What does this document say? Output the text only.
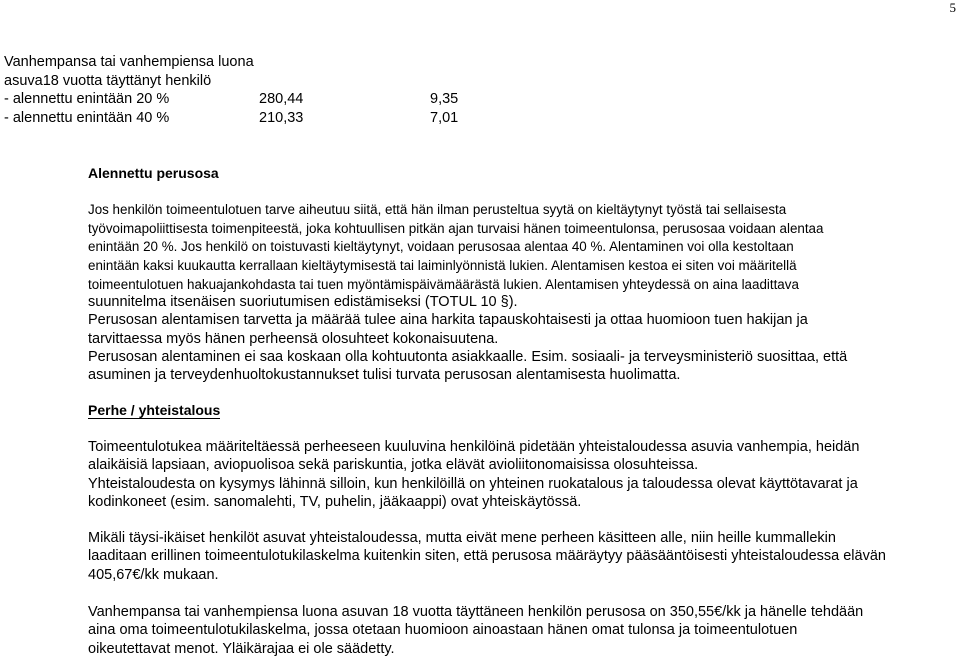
5
Vanhempansa tai vanhempiensa luona
asuva18 vuotta täyttänyt henkilö
- alennettu enintään 20 %	280,44	9,35
- alennettu enintään 40 %	210,33	7,01
Alennettu perusosa
Jos henkilön toimeentulotuen tarve aiheutuu siitä, että hän ilman perusteltua syytä on kieltäytynyt työstä tai sellaisesta
työvoimapoliittisesta toimenpiteestä, joka kohtuullisen pitkän ajan turvaisi hänen toimeentulonsa, perusosaa voidaan alentaa
enintään 20 %. Jos henkilö on toistuvasti kieltäytynyt, voidaan perusosaa alentaa 40 %. Alentaminen voi olla kestoltaan
enintään kaksi kuukautta kerrallaan kieltäytymisestä tai laiminlyönnistä lukien. Alentamisen kestoa ei siten voi määritellä
toimeentulotuen hakuajankohdasta tai tuen myöntämispäivämäärästä lukien. Alentamisen yhteydessä on aina laadittava
suunnitelma itsenäisen suoriutumisen edistämiseksi (TOTUL 10 §).
Perusosan alentamisen tarvetta ja määrää tulee aina harkita tapauskohtaisesti ja ottaa huomioon tuen hakijan ja
tarvittaessa myös hänen perheensä olosuhteet kokonaisuutena.
Perusosan alentaminen ei saa koskaan olla kohtuutonta asiakkaalle. Esim. sosiaali- ja terveysministeriö suosittaa, että
asuminen ja terveydenhuoltokustannukset tulisi turvata perusosan alentamisesta huolimatta.
Perhe / yhteistalous
Toimeentulotukea määriteltäessä perheeseen kuuluvina henkilöinä pidetään yhteistaloudessa asuvia vanhempia, heidän
alaikäisiä lapsiaan, aviopuolisoa sekä pariskuntia, jotka elävät avioliitonomaisissa olosuhteissa.
Yhteistaloudesta on kysymys lähinnä silloin, kun henkilöillä on yhteinen ruokatalous ja taloudessa olevat käyttötavarat ja
kodinkoneet (esim. sanomalehti, TV, puhelin, jääkaappi) ovat yhteiskäytössä.
Mikäli täysi-ikäiset henkilöt asuvat yhteistaloudessa, mutta eivät mene perheen käsitteen alle, niin heille kummallekin
laaditaan erillinen toimeentulotukilaskelma kuitenkin siten, että perusosa määräytyy pääsääntöisesti yhteistaloudessa elävän
405,67€/kk mukaan.
Vanhempansa tai vanhempiensa luona asuvan 18 vuotta täyttäneen henkilön perusosa on 350,55€/kk ja hänelle tehdään
aina oma toimeentulotukilaskelma, jossa otetaan huomioon ainoastaan hänen omat tulonsa ja toimeentulotuen
oikeutettavat menot. Yläikärajaa ei ole säädetty.
